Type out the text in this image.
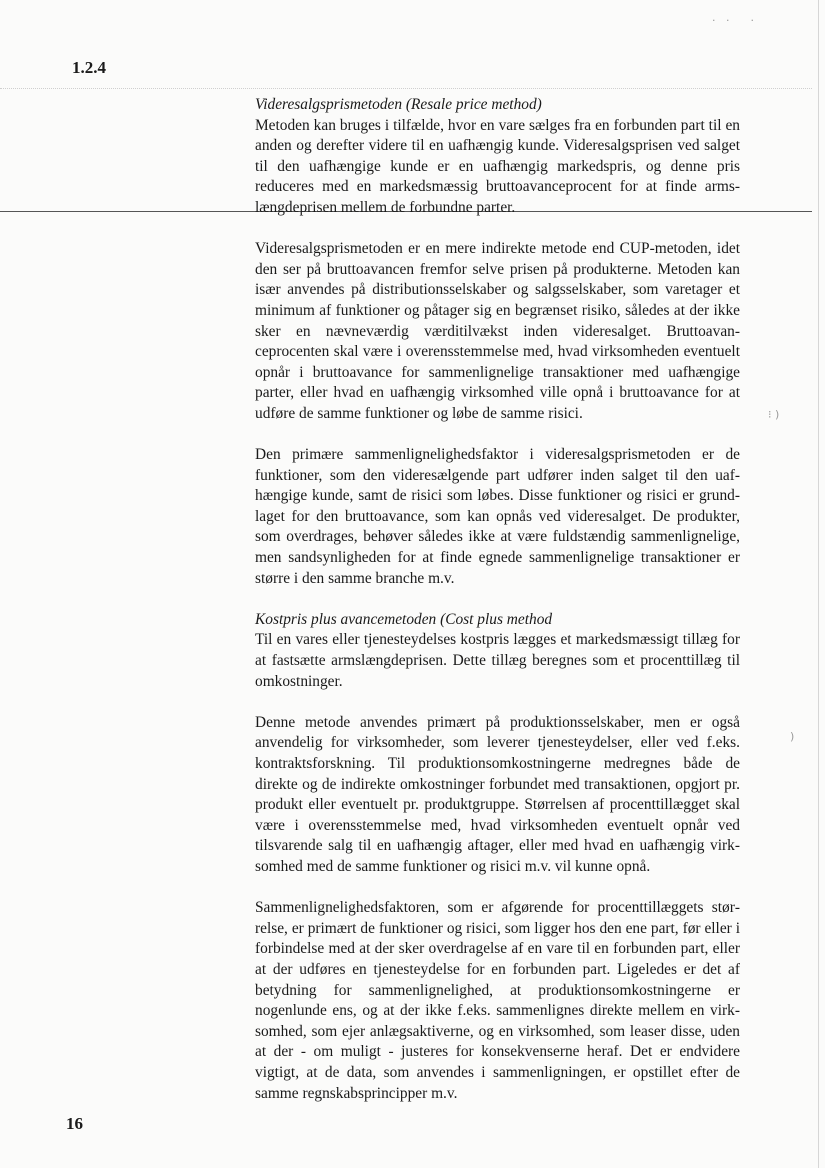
·   ·      ·
⁝ )
)
1.2.4

Videresalgsprismetoden (Resale price method)

Metoden kan bruges i tilfælde, hvor en vare sælges fra en forbunden part til en anden og derefter videre til en uafhængig kunde. Videresalgsprisen ved salget til den uafhængige kunde er en uafhængig markedspris, og denne pris reduceres med en markedsmæssig bruttoavanceprocent for at finde armslængdeprisen mellem de forbundne parter.

Videresalgsprismetoden er en mere indirekte metode end CUP-metoden, idet den ser på bruttoavancen fremfor selve prisen på produkterne. Metoden kan især anvendes på distributionsselskaber og salgsselskaber, som varetager et minimum af funktioner og påtager sig en begrænset risiko, således at der ikke sker en nævneværdig værditilvækst inden videresalget. Bruttoavanceprocenten skal være i overensstemmelse med, hvad virksomheden eventuelt opnår i bruttoavance for sammenlignelige transaktioner med uafhængige parter, eller hvad en uafhængig virksomhed ville opnå i bruttoavance for at udføre de samme funktioner og løbe de samme risici.

Den primære sammenlignelighedsfaktor i videresalgsprismetoden er de funktioner, som den videresælgende part udfører inden salget til den uafhængige kunde, samt de risici som løbes. Disse funktioner og risici er grundlaget for den bruttoavance, som kan opnås ved videresalget. De produkter, som overdrages, behøver således ikke at være fuldstændig sammenlignelige, men sandsynligheden for at finde egnede sammenlignelige transaktioner er større i den samme branche m.v.

Kostpris plus avancemetoden (Cost plus method

Til en vares eller tjenesteydelses kostpris lægges et markedsmæssigt tillæg for at fastsætte armslængdeprisen. Dette tillæg beregnes som et procenttillæg til omkostninger.

Denne metode anvendes primært på produktionsselskaber, men er også anvendelig for virksomheder, som leverer tjenesteydelser, eller ved f.eks. kontraktsforskning. Til produktionsomkostningerne medregnes både de direkte og de indirekte omkostninger forbundet med transaktionen, opgjort pr. produkt eller eventuelt pr. produktgruppe. Størrelsen af procenttillægget skal være i overensstemmelse med, hvad virksomheden eventuelt opnår ved tilsvarende salg til en uafhængig aftager, eller med hvad en uafhængig virksomhed med de samme funktioner og risici m.v. vil kunne opnå.

Sammenlignelighedsfaktoren, som er afgørende for procenttillæggets størrelse, er primært de funktioner og risici, som ligger hos den ene part, før eller i forbindelse med at der sker overdragelse af en vare til en forbunden part, eller at der udføres en tjenesteydelse for en forbunden part. Ligeledes er det af betydning for sammenlignelighed, at produktionsomkostningerne er nogenlunde ens, og at der ikke f.eks. sammenlignes direkte mellem en virksomhed, som ejer anlægsaktiverne, og en virksomhed, som leaser disse, uden at der - om muligt - justeres for konsekvenserne heraf. Det er endvidere vigtigt, at de data, som anvendes i sammenligningen, er opstillet efter de samme regnskabsprincipper m.v.

16
